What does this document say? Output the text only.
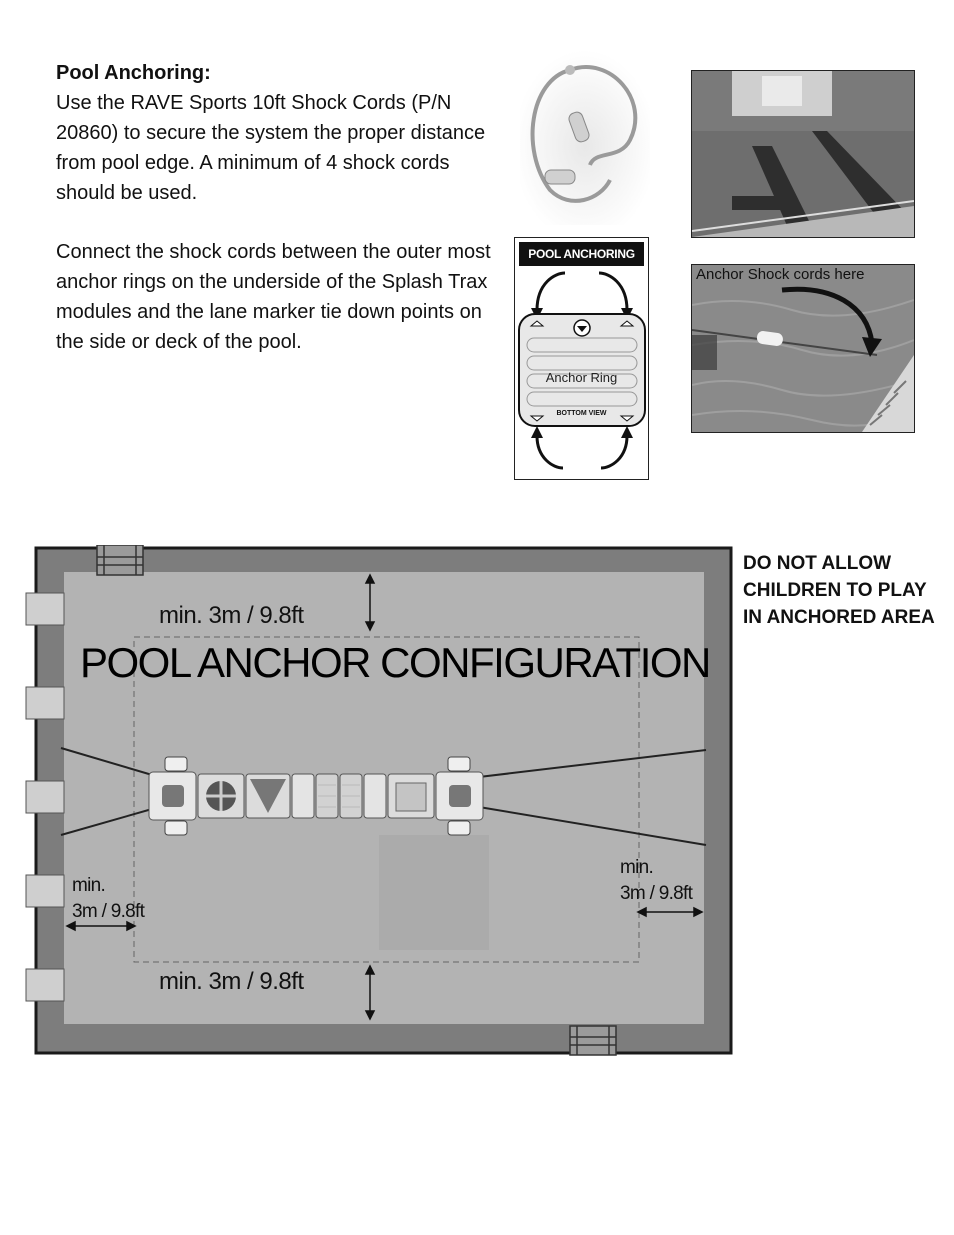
Pool Anchoring:

Use the RAVE Sports 10ft Shock Cords (P/N 20860) to secure the system the proper distance from pool edge. A minimum of 4 shock cords should be used.

Connect the shock cords between the outer most anchor rings on the underside of the Splash Trax modules and the lane marker tie down points on the side or deck of the pool.

POOL ANCHORING
Anchor Ring
BOTTOM VIEW
Anchor Shock cords here
DO NOT ALLOW CHILDREN TO PLAY IN ANCHORED AREA
min. 3m / 9.8ft
min. 3m / 9.8ft
min.
3m / 9.8ft
min.
3m / 9.8ft
POOL ANCHOR CONFIGURATION
